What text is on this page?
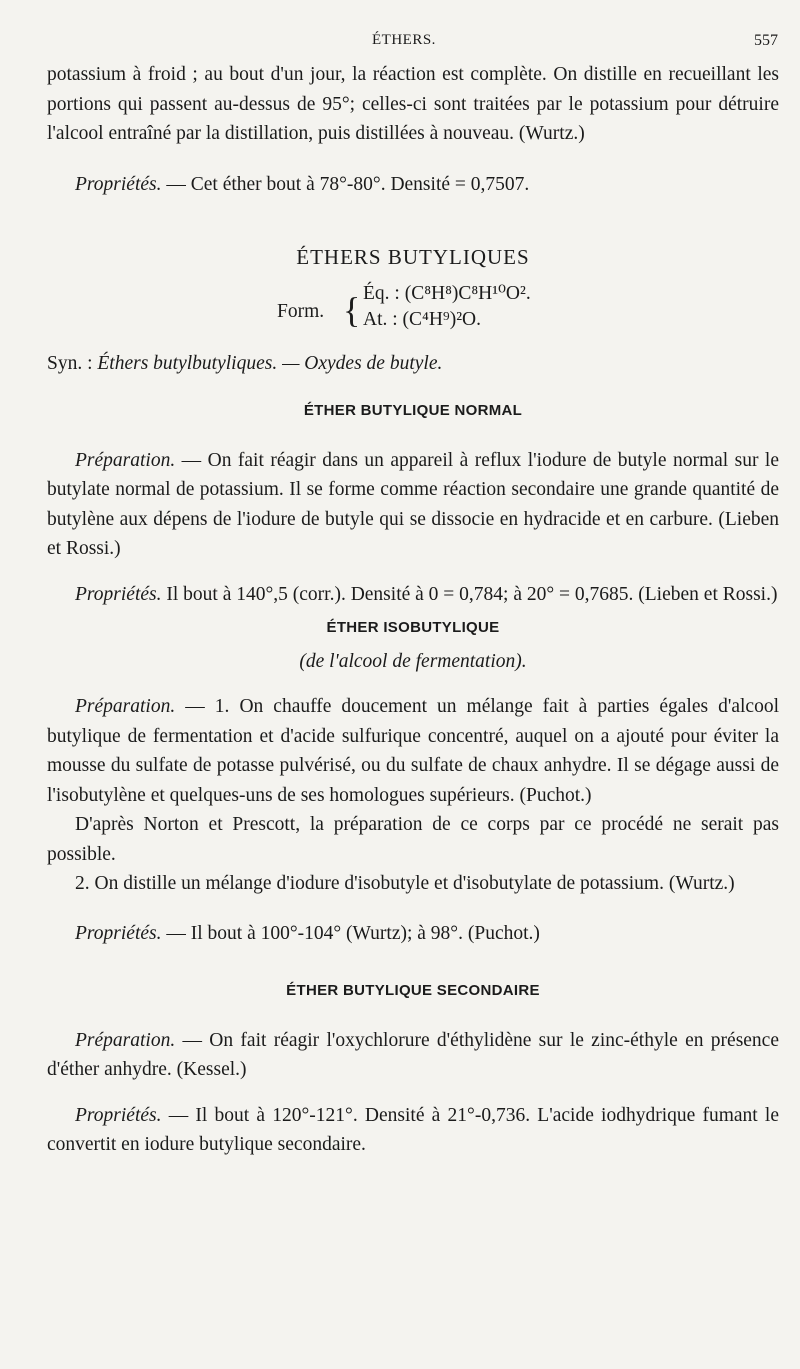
ÉTHERS.	557

potassium à froid ; au bout d'un jour, la réaction est complète. On distille en recueillant les portions qui passent au-dessus de 95°; celles-ci sont traitées par le potassium pour détruire l'alcool entraîné par la distillation, puis distillées à nouveau. (Wurtz.)

Propriétés. — Cet éther bout à 78°-80°. Densité = 0,7507.

ÉTHERS BUTYLIQUES
Form. { Éq. : (C⁸H⁸)C⁸H¹⁰O².
At. : (C⁴H⁹)²O.

Syn. : Éthers butylbutyliques. — Oxydes de butyle.

ÉTHER BUTYLIQUE NORMAL

Préparation. — On fait réagir dans un appareil à reflux l'iodure de butyle normal sur le butylate normal de potassium. Il se forme comme réaction secondaire une grande quantité de butylène aux dépens de l'iodure de butyle qui se dissocie en hydracide et en carbure. (Lieben et Rossi.)

Propriétés. Il bout à 140°,5 (corr.). Densité à 0 = 0,784; à 20° = 0,7685. (Lieben et Rossi.)

ÉTHER ISOBUTYLIQUE
(de l'alcool de fermentation).

Préparation. — 1. On chauffe doucement un mélange fait à parties égales d'alcool butylique de fermentation et d'acide sulfurique concentré, auquel on a ajouté pour éviter la mousse du sulfate de potasse pulvérisé, ou du sulfate de chaux anhydre. Il se dégage aussi de l'isobutylène et quelques-uns de ses homologues supérieurs. (Puchot.)

D'après Norton et Prescott, la préparation de ce corps par ce procédé ne serait pas possible.

2. On distille un mélange d'iodure d'isobutyle et d'isobutylate de potassium. (Wurtz.)

Propriétés. — Il bout à 100°-104° (Wurtz); à 98°. (Puchot.)

ÉTHER BUTYLIQUE SECONDAIRE

Préparation. — On fait réagir l'oxychlorure d'éthylidène sur le zinc-éthyle en présence d'éther anhydre. (Kessel.)

Propriétés. — Il bout à 120°-121°. Densité à 21°-0,736. L'acide iodhydrique fumant le convertit en iodure butylique secondaire.
